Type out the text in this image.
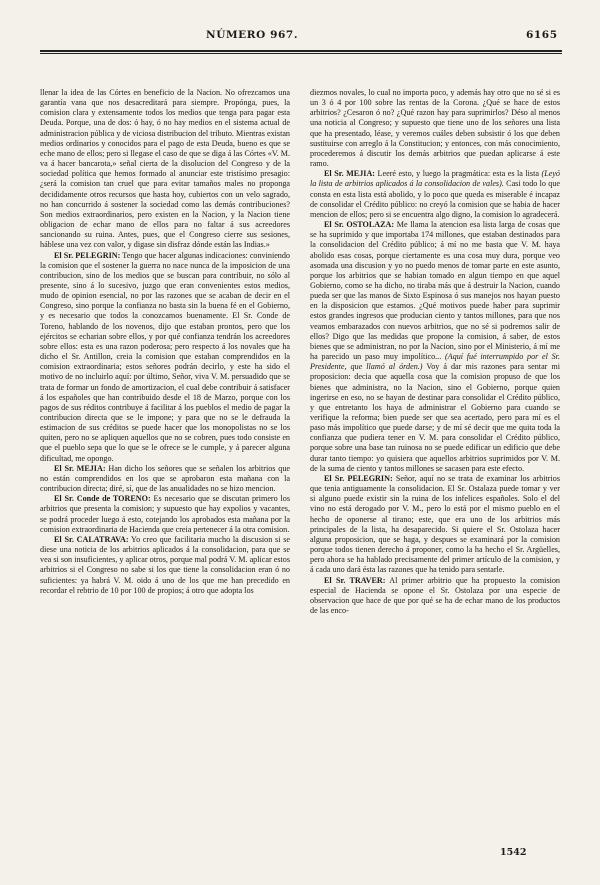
NÚMERO 967.	6165

llenar la idea de las Córtes en beneficio de la Nacion. No ofrezcamos una garantía vana que nos desacreditará para siempre. Propónga, pues, la comision clara y extensamente todos los medios que tenga para pagar esta Deuda. Porque, una de dos: ó hay, ó no hay medios en el sistema actual de administracion pública y de viciosa distribucion del tributo. Mientras existan medios ordinarios y conocidos para el pago de esta Deuda, bueno es que se eche mano de ellos; pero si llegase el caso de que se diga á las Córtes «V. M. va á hacer bancarota,» señal cierta de la disolucion del Congreso y de la sociedad política que hemos formado al anunciar este tristísimo presagio: ¿será la comision tan cruel que para evitar tamaños males no proponga decididamente otros recursos que hasta hoy, cubiertos con un velo sagrado, no han concurrido á sostener la sociedad como las demás contribuciones? Son medios extraordinarios, pero existen en la Nacion, y la Nacion tiene obligacion de echar mano de ellos para no faltar á sus acreedores sancionando su ruina. Antes, pues, que el Congreso cierre sus sesiones, háblese una vez con valor, y digase sin disfraz dónde están las Indias.»

El Sr. PELEGRIN: Tengo que hacer algunas indicaciones: conviniendo la comision que el sostener la guerra no nace nunca de la imposicion de una contribucion, sino de los medios que se buscan para contribuir, no sólo al presente, sino á lo sucesivo, juzgo que eran convenientes estos medios, mudo de opinion esencial, no por las razones que se acaban de decir en el Congreso, sino porque la confianza no basta sin la buena fé en el Gobierno, y es necesario que todos la conozcamos buenamente. El Sr. Conde de Toreno, hablando de los novenos, dijo que estaban prontos, pero que los ejércitos se echarian sobre ellos, y por qué confianza tendrán los acreedores sobre ellos: esta es una razon poderosa; pero respecto á los novales que ha dicho el Sr. Antillon, creia la comision que estaban comprendidos en la comision extraordinaria; estos señores podrán decirlo, y este ha sido el motivo de no incluirlo aquí: por último, Señor, viva V. M. persuadido que se trata de formar un fondo de amortizacion, el cual debe contribuir á satisfacer á los españoles que han contribuido desde el 18 de Marzo, porque con los pagos de sus réditos contribuye á facilitar á los pueblos el medio de pagar la contribucion directa que se le impone; y para que no se le defrauda la estimacion de sus créditos se puede hacer que los monopolistas no se los quiten, pero no se apliquen aquellos que no se cobren, pues todo consiste en que el pueblo sepa que lo que se le ofrece se le cumple, y á parecer alguna dificultad, me opongo.

El Sr. MEJIA: Han dicho los señores que se señalen los arbitrios que no están comprendidos en los que se aprobaron esta mañana con la contribucion directa; diré, sí, que de las anualidades no se hizo mencion.

El Sr. Conde de TORENO: Es necesario que se discutan primero los arbitrios que presenta la comision; y supuesto que hay expolios y vacantes, se podrá proceder luego á esto, cotejando los aprobados esta mañana por la comision extraordinaria de Hacienda que creia pertenecer á la otra comision.

El Sr. CALATRAVA: Yo creo que facilitaria mucho la discusion si se diese una noticia de los arbitrios aplicados á la consolidacion, para que se vea si son insuficientes, y aplicar otros, porque mal podrá V. M. aplicar estos arbitrios si el Congreso no sabe si los que tiene la consolidacion eran ó no suficientes: ya habrá V. M. oido á uno de los que me han precedido en recordar el rebtrio de 10 por 100 de propios; á otro que adopta los

diezmos novales, lo cual no importa poco, y además hay otro que no sé si es un 3 ó 4 por 100 sobre las rentas de la Corona. ¿Qué se hace de estos arbitrios? ¿Cesaron ó no? ¿Qué razon hay para suprimirlos? Déso al menos una noticia al Congreso; y supuesto que tiene uno de los señores una lista que ha presentado, léase, y veremos cuáles deben subsistir ó los que deben sustituirse con arreglo á la Constitucion; y entonces, con más conocimiento, procederemos á discutir los demás arbitrios que puedan aplicarse á este ramo.

El Sr. MEJIA: Leeré esto, y luego la pragmática: esta es la lista (Leyó la lista de arbitrios aplicados á la consolidacion de vales). Casi todo lo que consta en esta lista está abolido, y lo poco que queda es miserable é incapaz de consolidar el Crédito público: no creyó la comision que se habia de hacer mencion de ellos; pero si se encuentra algo digno, la comision lo agradecerá.

El Sr. OSTOLAZA: Me llama la atencion esa lista larga de cosas que se ha suprimido y que importaba 174 millones, que estaban destinados para la consolidacion del Crédito público; á mí no me basta que V. M. haya abolido esas cosas, porque ciertamente es una cosa muy dura, porque veo asomada una discusion y yo no puedo menos de tomar parte en este asunto, porque los arbitrios que se habian tomado en algun tiempo en que aquel Gobierno, como se ha dicho, no tiraba más que á destruir la Nacion, cuando pueda ser que las manos de Sixto Espinosa ó sus manejos nos hayan puesto en la disposicion que estamos. ¿Qué motivos puede haber para suprimir estos grandes ingresos que producian ciento y tantos millones, para que nos veamos embarazados con nuevos arbitrios, que no sé si podremos salir de ellos? Digo que las medidas que propone la comision, á saber, de estos bienes que se administran, no por la Nacion, sino por el Ministerio, á mí me ha parecido un paso muy impolítico... (Aquí fué interrumpido por el Sr. Presidente, que llamó al órden.) Voy á dar mis razones para sentar mi proposicion: decia que aquella cosa que la comision propuso de que los bienes que administra, no la Nacion, sino el Gobierno, porque quien ingerirse en eso, no se hayan de destinar para consolidar el Crédito público, y que entretanto los haya de administrar el Gobierno para cuando se verifique la reforma; bien puede ser que sea acertado, pero para mí es el paso más impolítico que puede darse; y de mí sé decir que me quita toda la confianza que pudiera tener en V. M. para consolidar el Crédito público, porque sobre una base tan ruinosa no se puede edificar un edificio que debe durar tanto tiempo: yo quisiera que aquellos arbitrios suprimidos por V. M. de la suma de ciento y tantos millones se sacasen para este efecto.

El Sr. PELEGRIN: Señor, aquí no se trata de examinar los arbitrios que tenia antiguamente la consolidacion. El Sr. Ostalaza puede tomar y ver si alguno puede existir sin la ruina de los infelices españoles. Solo el del vino no está derogado por V. M., pero lo está por el mismo pueblo en el hecho de oponerse al tirano; este, que era uno de los arbitrios más principales de la lista, ha desaparecido. Si quiere el Sr. Ostolaza hacer alguna proposicion, que se haga, y despues se examinará por la comision porque todos tienen derecho á proponer, como la ha hecho el Sr. Argüelles, pero ahora se ha hablado precisamente del primer artículo de la comision, y á cada uno dará ésta las razones que ha tenido para sentarle.

El Sr. TRAVER: Al primer arbitrio que ha propuesto la comision especial de Hacienda se opone el Sr. Ostolaza por una especie de observacion que hace de que por qué se ha de echar mano de los productos de las enco-

1542
